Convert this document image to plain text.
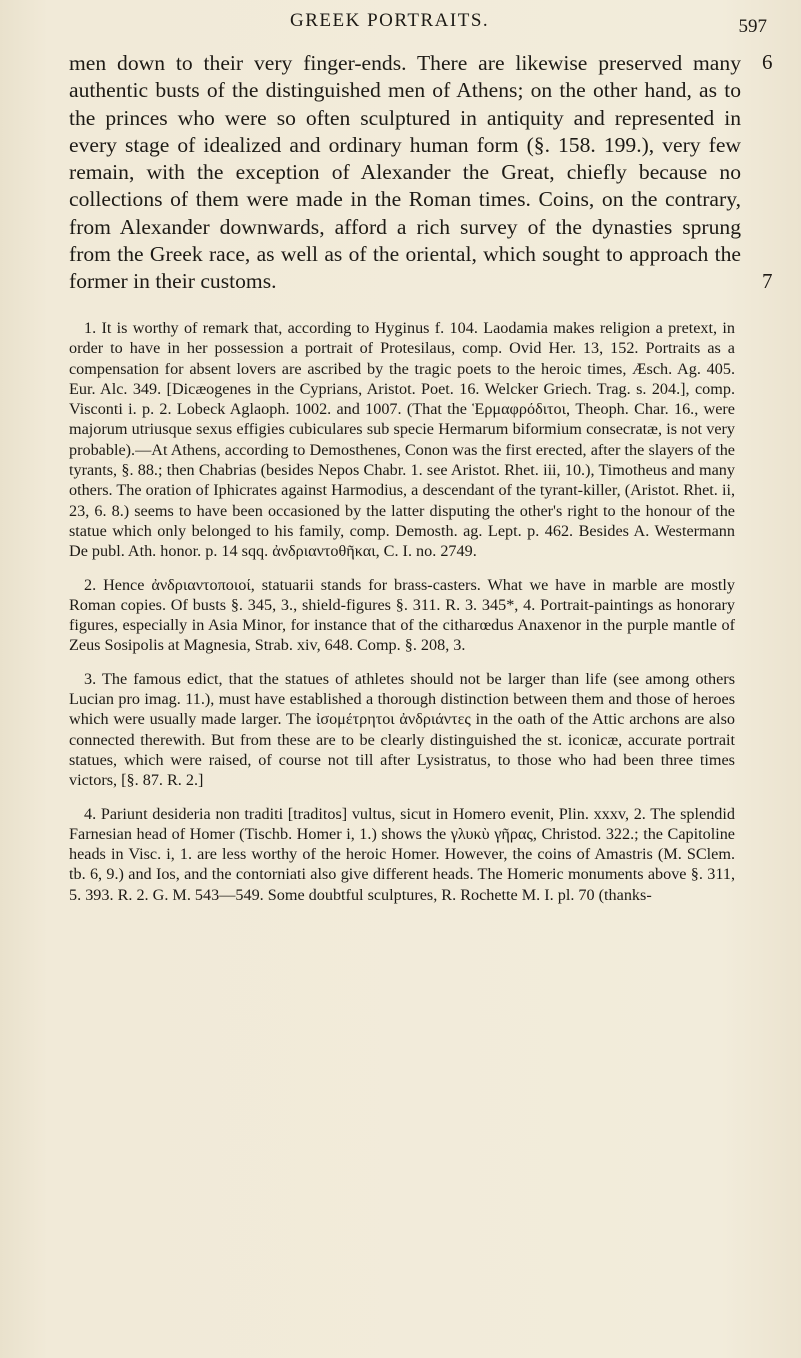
GREEK PORTRAITS.	597

men down to their very finger-ends. There are likewise preserved many authentic busts of the distinguished men of Athens; on the other hand, as to the princes who were so often sculptured in antiquity and represented in every stage of idealized and ordinary human form (§. 158. 199.), very few remain, with the exception of Alexander the Great, chiefly because no collections of them were made in the Roman times. Coins, on the contrary, from Alexander downwards, afford a rich survey of the dynasties sprung from the Greek race, as well as of the oriental, which sought to approach the former in their customs.

6
7

1. It is worthy of remark that, according to Hyginus f. 104. Laodamia makes religion a pretext, in order to have in her possession a portrait of Protesilaus, comp. Ovid Her. 13, 152. Portraits as a compensation for absent lovers are ascribed by the tragic poets to the heroic times, Æsch. Ag. 405. Eur. Alc. 349. [Dicæogenes in the Cyprians, Aristot. Poet. 16. Welcker Griech. Trag. s. 204.], comp. Visconti i. p. 2. Lobeck Aglaoph. 1002. and 1007. (That the Ἑρμαφρόδιτοι, Theoph. Char. 16., were majorum utriusque sexus effigies cubiculares sub specie Hermarum biformium consecratæ, is not very probable).—At Athens, according to Demosthenes, Conon was the first erected, after the slayers of the tyrants, §. 88.; then Chabrias (besides Nepos Chabr. 1. see Aristot. Rhet. iii, 10.), Timotheus and many others. The oration of Iphicrates against Harmodius, a descendant of the tyrant-killer, (Aristot. Rhet. ii, 23, 6. 8.) seems to have been occasioned by the latter disputing the other's right to the honour of the statue which only belonged to his family, comp. Demosth. ag. Lept. p. 462. Besides A. Westermann De publ. Ath. honor. p. 14 sqq. ἀνδριαντοθῆκαι, C. I. no. 2749.

2. Hence ἀνδριαντοποιοί, statuarii stands for brass-casters. What we have in marble are mostly Roman copies. Of busts §. 345, 3., shield-figures §. 311. R. 3. 345*, 4. Portrait-paintings as honorary figures, especially in Asia Minor, for instance that of the citharœdus Anaxenor in the purple mantle of Zeus Sosipolis at Magnesia, Strab. xiv, 648. Comp. §. 208, 3.

3. The famous edict, that the statues of athletes should not be larger than life (see among others Lucian pro imag. 11.), must have established a thorough distinction between them and those of heroes which were usually made larger. The ἰσομέτρητοι ἀνδριάντες in the oath of the Attic archons are also connected therewith. But from these are to be clearly distinguished the st. iconicæ, accurate portrait statues, which were raised, of course not till after Lysistratus, to those who had been three times victors, [§. 87. R. 2.]

4. Pariunt desideria non traditi [traditos] vultus, sicut in Homero evenit, Plin. xxxv, 2. The splendid Farnesian head of Homer (Tischb. Homer i, 1.) shows the γλυκὺ γῆρας, Christod. 322.; the Capitoline heads in Visc. i, 1. are less worthy of the heroic Homer. However, the coins of Amastris (M. SClem. tb. 6, 9.) and Ios, and the contorniati also give different heads. The Homeric monuments above §. 311, 5. 393. R. 2. G. M. 543—549. Some doubtful sculptures, R. Rochette M. I. pl. 70 (thanks-
